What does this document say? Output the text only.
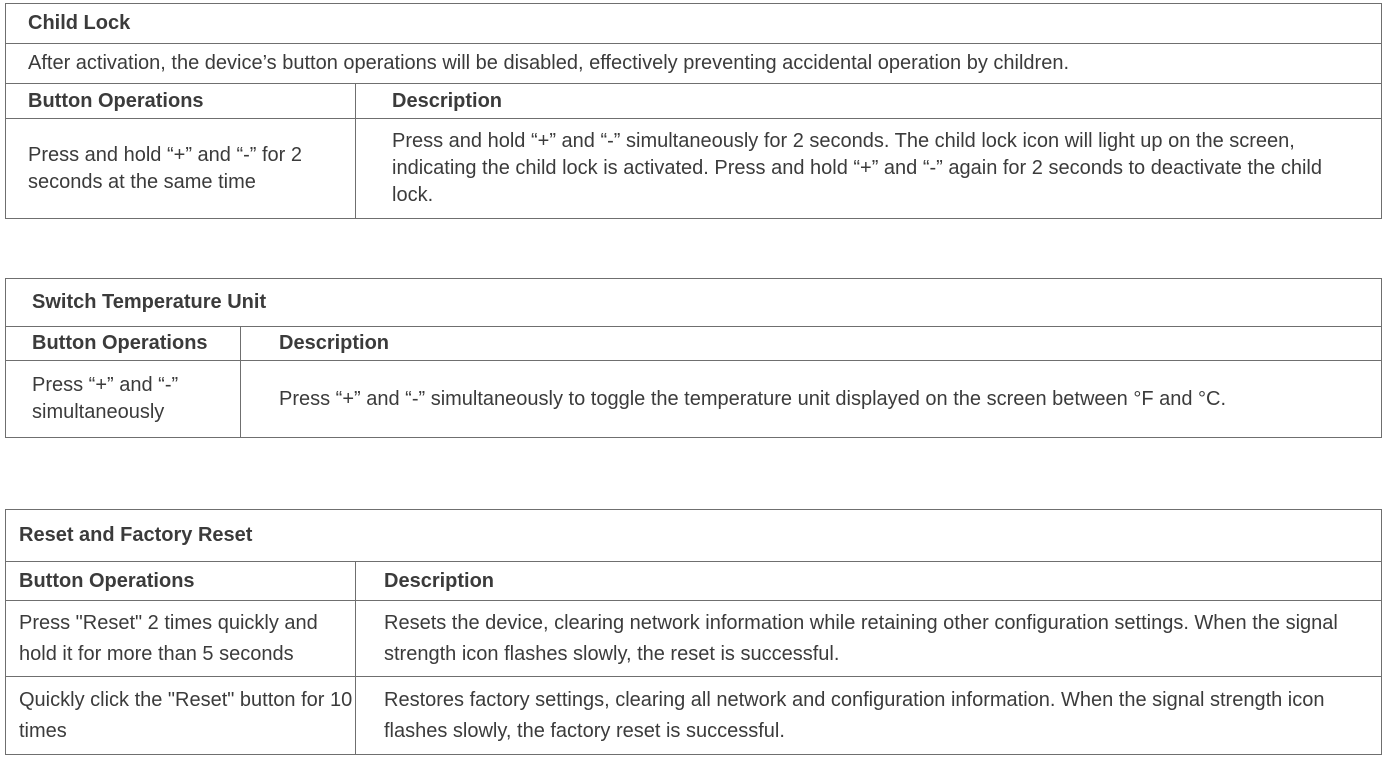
Child Lock	
After activation, the device’s button operations will be disabled, effectively preventing accidental operation by children.	
Button Operations	Description
Press and hold “+” and “-” for 2 seconds at the same time	Press and hold “+” and “-” simultaneously for 2 seconds. The child lock icon will light up on the screen, indicating the child lock is activated. Press and hold “+” and “-” again for 2 seconds to deactivate the child lock.
Switch Temperature Unit	
Button Operations	Description
Press “+” and “-” simultaneously	Press “+” and “-” simultaneously to toggle the temperature unit displayed on the screen between °F and °C.
Reset and Factory Reset	
Button Operations	Description
Press "Reset" 2 times quickly and hold it for more than 5 seconds	Resets the device, clearing network information while retaining other configuration settings. When the signal strength icon flashes slowly, the reset is successful.
Quickly click the "Reset" button for 10 times	Restores factory settings, clearing all network and configuration information. When the signal strength icon flashes slowly, the factory reset is successful.
